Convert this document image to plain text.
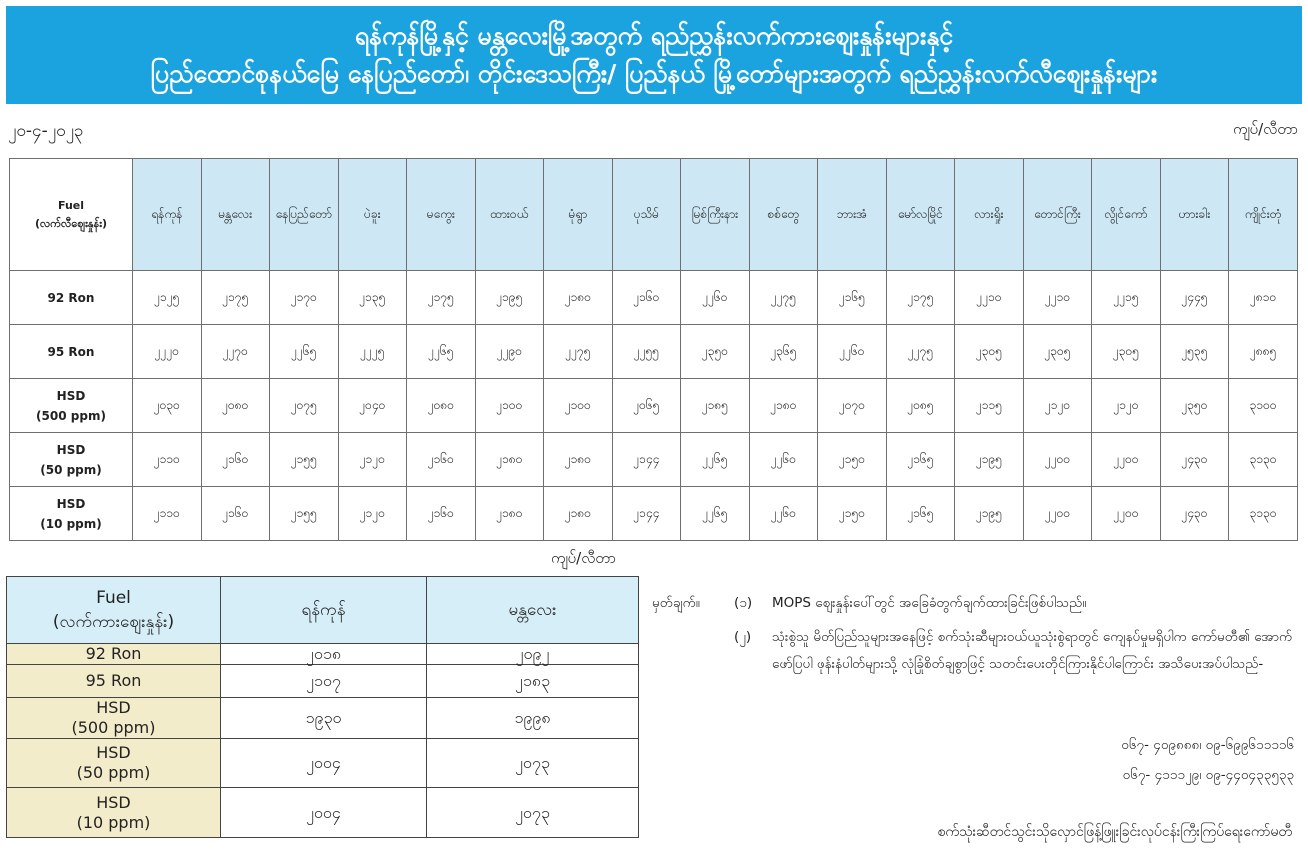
ရန်ကုန်မြို့နှင့် မန္တလေးမြို့အတွက် ရည်ညွှန်းလက်ကားဈေးနှုန်းများနှင့်
ပြည်ထောင်စုနယ်မြေ နေပြည်တော်၊ တိုင်းဒေသကြီး/ ပြည်နယ် မြို့တော်များအတွက် ရည်ညွှန်းလက်လီဈေးနှုန်းများ
၂၀-၄-၂၀၂၃	ကျပ်/လီတာ
Fuel
(လက်လီဈေးနှုန်း)	ရန်ကုန်	မန္တလေး	နေပြည်တော်	ပဲခူး	မကွေး	ထားဝယ်	မုံရွာ	ပုသိမ်	မြစ်ကြီးနား	စစ်တွေ	ဘားအံ	မော်လမြိုင်	လားရှိုး	တောင်ကြီး	လွိုင်ကော်	ဟားခါး	ကျိုင်းတုံ
92 Ron	၂၁၂၅	၂၁၇၅	၂၁၇၀	၂၁၃၅	၂၁၇၅	၂၁၉၅	၂၁၈၀	၂၁၆၀	၂၂၆၀	၂၂၇၅	၂၁၆၅	၂၁၇၅	၂၂၁၀	၂၂၁၀	၂၂၁၅	၂၄၄၅	၂၈၁၀
95 Ron	၂၂၂၀	၂၂၇၀	၂၂၆၅	၂၂၂၅	၂၂၆၅	၂၂၉၀	၂၂၇၅	၂၂၅၅	၂၃၅၀	၂၃၆၅	၂၂၆၀	၂၂၇၅	၂၃၀၅	၂၃၀၅	၂၃၀၅	၂၅၃၅	၂၈၈၅
HSD
(500 ppm)	၂၀၃၀	၂၀၈၀	၂၀၇၅	၂၀၄၀	၂၀၈၀	၂၁၀၀	၂၁၀၀	၂၀၆၅	၂၁၈၅	၂၁၈၀	၂၀၇၀	၂၀၈၅	၂၁၁၅	၂၁၂၀	၂၁၂၀	၂၃၅၀	၃၁၀၀
HSD
(50 ppm)	၂၁၁၀	၂၁၆၀	၂၁၅၅	၂၁၂၀	၂၁၆၀	၂၁၈၀	၂၁၈၀	၂၁၄၄	၂၂၆၅	၂၂၆၀	၂၁၅၀	၂၁၆၅	၂၁၉၅	၂၂၀၀	၂၂၀၀	၂၄၃၀	၃၁၃၀
HSD
(10 ppm)	၂၁၁၀	၂၁၆၀	၂၁၅၅	၂၁၂၀	၂၁၆၀	၂၁၈၀	၂၁၈၀	၂၁၄၄	၂၂၆၅	၂၂၆၀	၂၁၅၀	၂၁၆၅	၂၁၉၅	၂၂၀၀	၂၂၀၀	၂၄၃၀	၃၁၃၀
ကျပ်/လီတာ
Fuel
(လက်ကားဈေးနှုန်း)	ရန်ကုန်	မန္တလေး
92 Ron	၂၀၁၈	၂၀၉၂
95 Ron	၂၁၀၇	၂၁၈၃
HSD
(500 ppm)	၁၉၃၀	၁၉၉၈
HSD
(50 ppm)	၂၀၀၄	၂၀၇၃
HSD
(10 ppm)	၂၀၀၄	၂၀၇၃
မှတ်ချက်။	(၁) MOPS ဈေးနှုန်းပေါ်တွင် အခြေခံတွက်ချက်ထားခြင်းဖြစ်ပါသည်။
(၂) သုံးစွဲသူ မိတ်ပြည်သူများအနေဖြင့် စက်သုံးဆီများဝယ်ယူသုံးစွဲရာတွင် ကျေနပ်မှုမရှိပါက ကော်မတီ၏ အောက်ဖော်ပြပါ ဖုန်းနံပါတ်များသို့ လုံခြုံစိတ်ချစွာဖြင့် သတင်းပေးတိုင်ကြားနိုင်ပါကြောင်း အသိပေးအပ်ပါသည်-
၀၆၇- ၄၀၉၈၈၈၊ ၀၉-၆၉၉၆၁၁၁၁၆
၀၆၇- ၄၁၁၁၂၉၊ ၀၉-၄၄၀၄၃၃၅၃၃
စက်သုံးဆီတင်သွင်းသိုလှောင်ဖြန့်ဖြူးခြင်းလုပ်ငန်းကြီးကြပ်ရေးကော်မတီ
